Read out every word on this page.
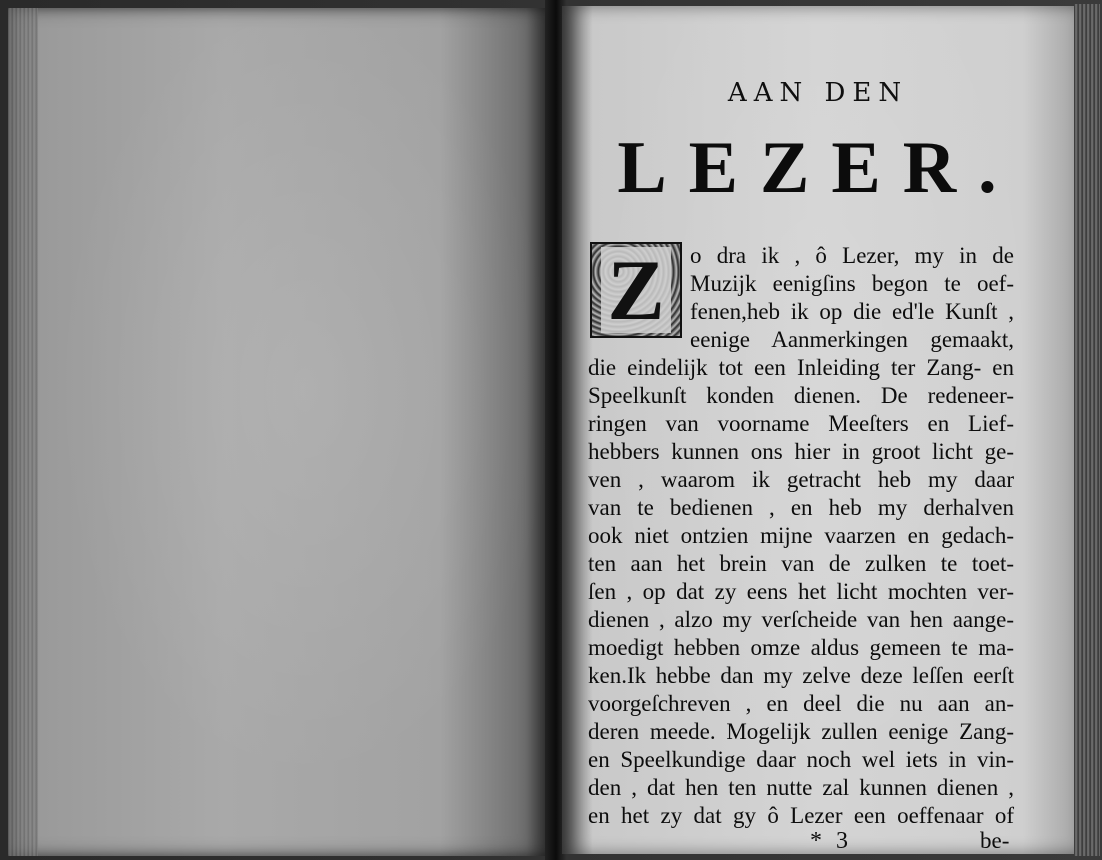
AAN DEN
LEZER.
Z o dra ik , ô Lezer, my in de
Muzijk eenigſins begon te oef-
fenen,heb ik op die ed'le Kunſt ,
eenige Aanmerkingen gemaakt,
die eindelijk tot een Inleiding ter Zang- en
Speelkunſt konden dienen. De redeneer-
ringen van voorname Meeſters en Lief-
hebbers kunnen ons hier in groot licht ge-
ven , waarom ik getracht heb my daar
van te bedienen , en heb my derhalven
ook niet ontzien mijne vaarzen en gedach-
ten aan het brein van de zulken te toet-
ſen , op dat zy eens het licht mochten ver-
dienen , alzo my verſcheide van hen aange-
moedigt hebben omze aldus gemeen te ma-
ken.Ik hebbe dan my zelve deze leſſen eerſt
voorgeſchreven , en deel die nu aan an-
deren meede. Mogelijk zullen eenige Zang-
en Speelkundige daar noch wel iets in vin-
den , dat hen ten nutte zal kunnen dienen ,
en het zy dat gy ô Lezer een oeffenaar of
* 3	be-
